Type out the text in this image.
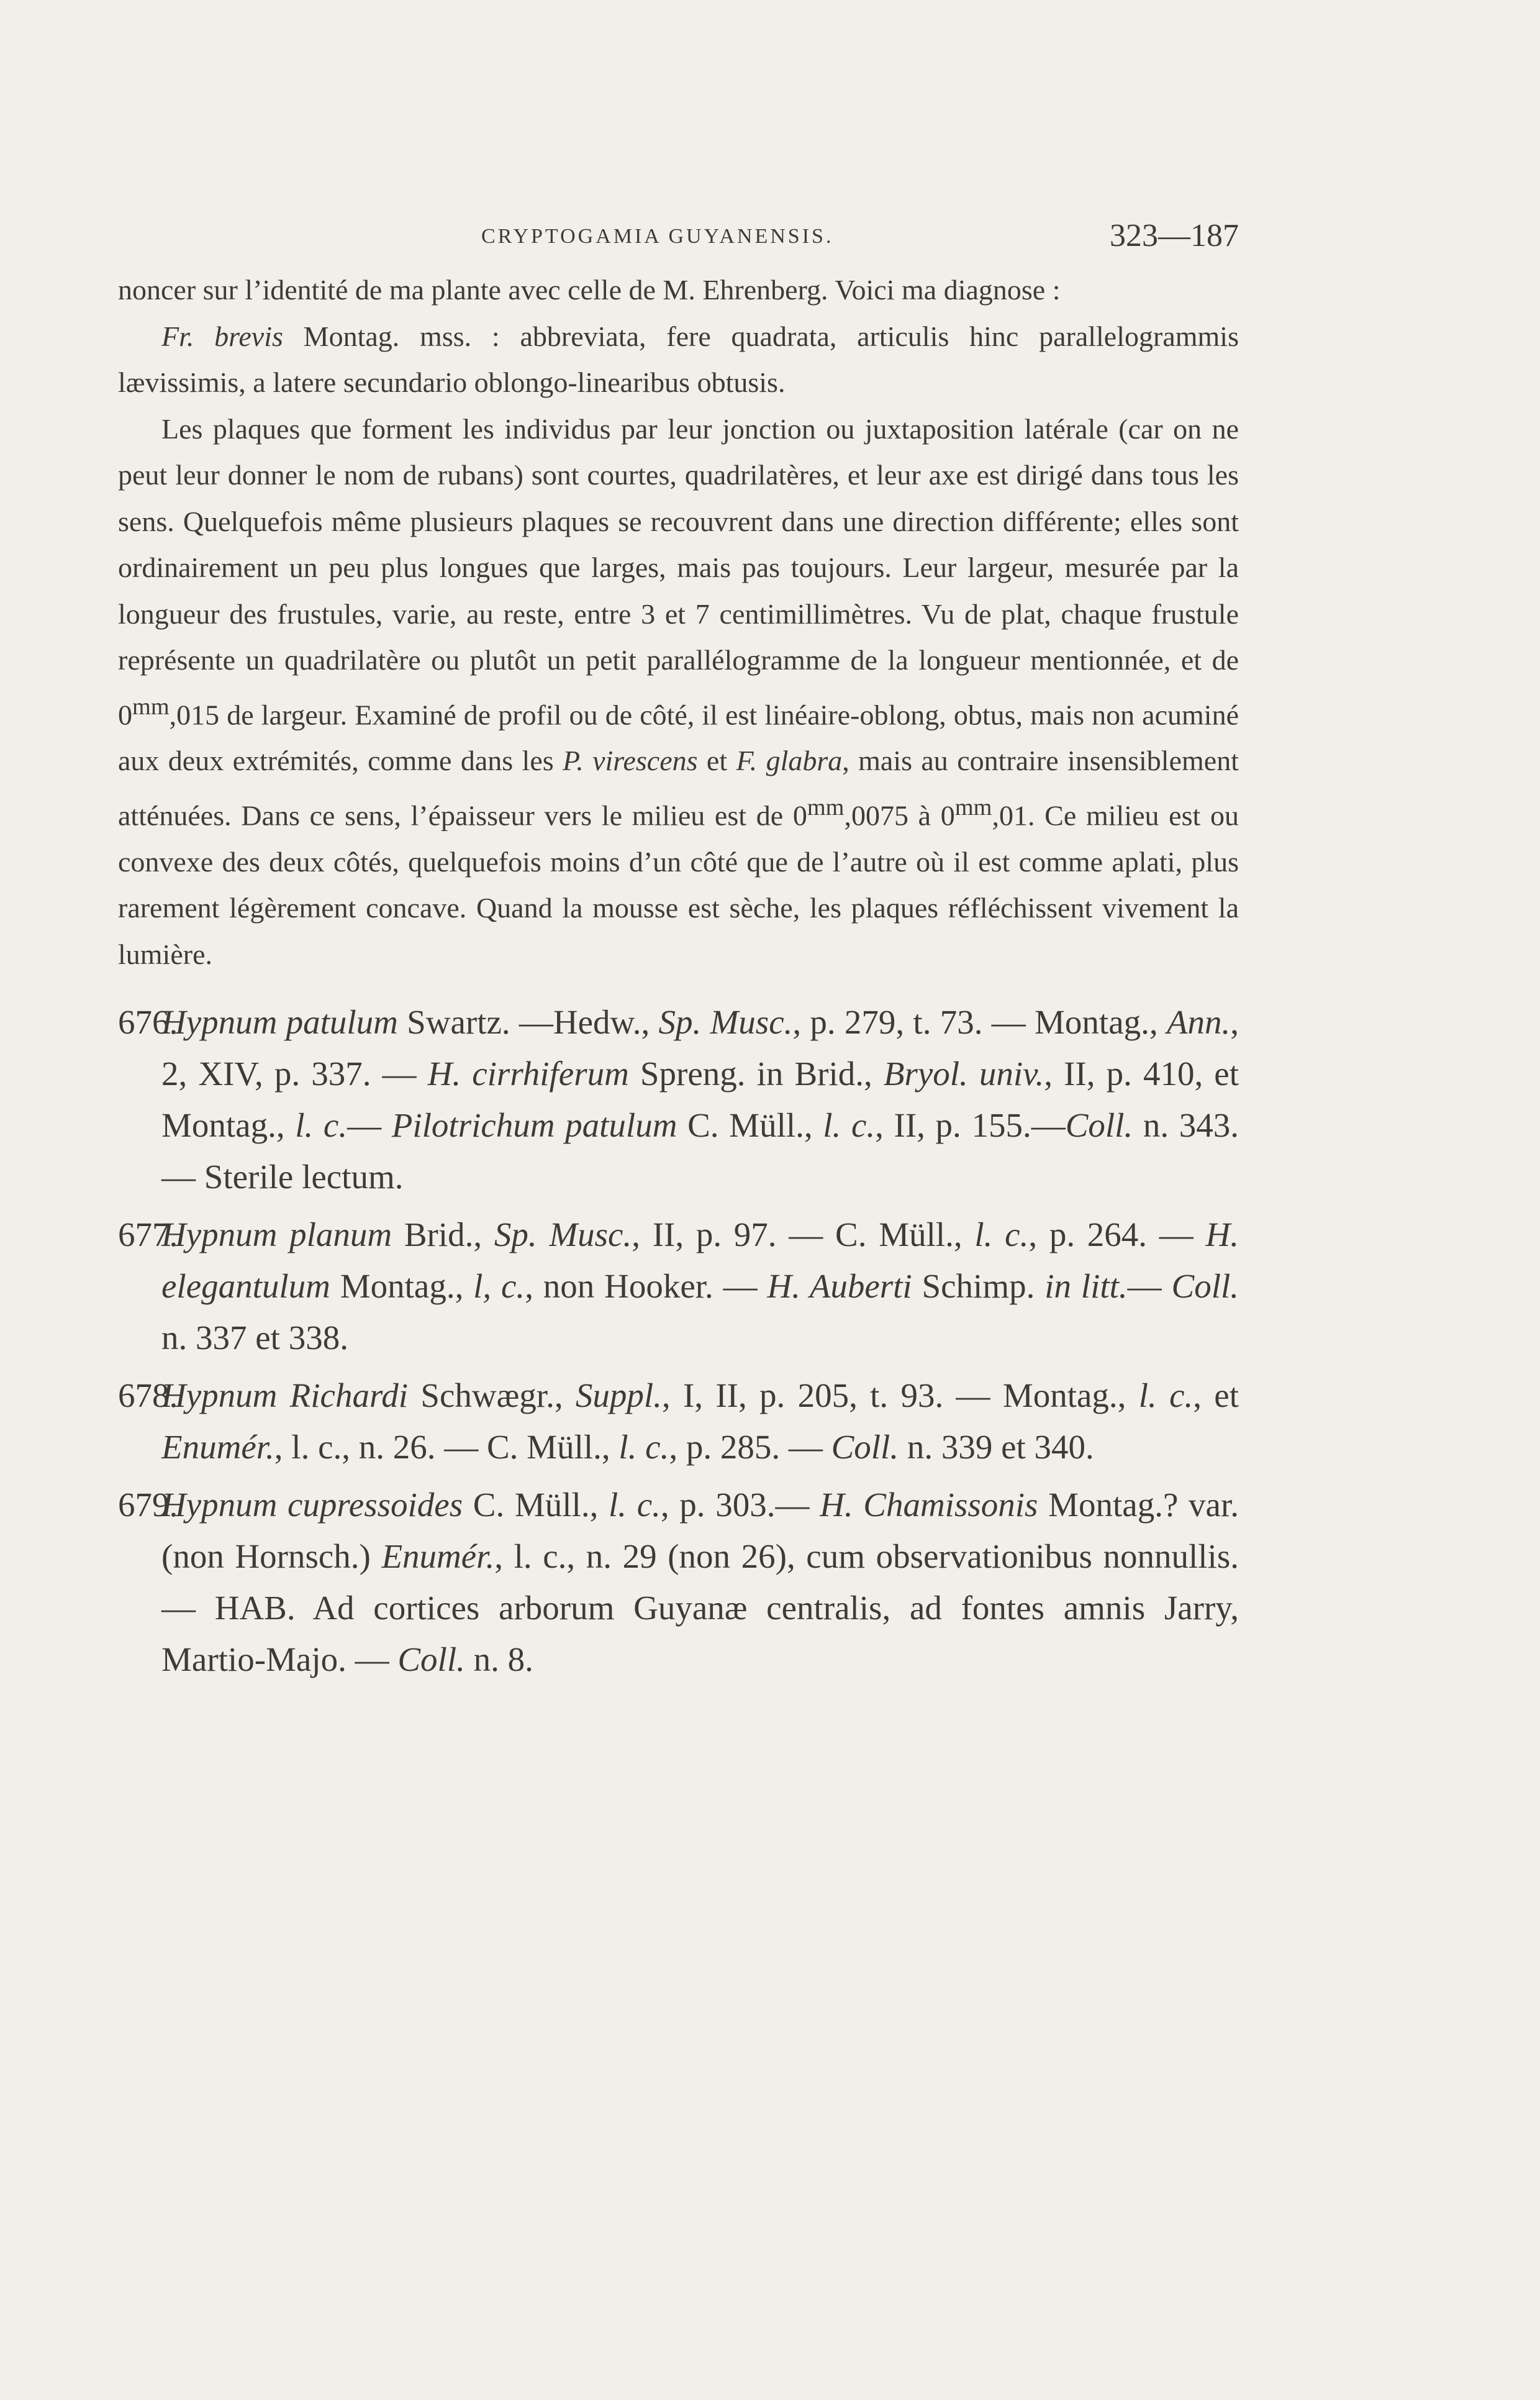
CRYPTOGAMIA GUYANENSIS.	323—187

noncer sur l’identité de ma plante avec celle de M. Ehrenberg. Voici ma diagnose :

Fr. brevis Montag. mss. : abbreviata, fere quadrata, articulis hinc parallelogrammis lævissimis, a latere secundario oblongo-linearibus obtusis.

Les plaques que forment les individus par leur jonction ou juxtaposition latérale (car on ne peut leur donner le nom de rubans) sont courtes, quadrilatères, et leur axe est dirigé dans tous les sens. Quelquefois même plusieurs plaques se recouvrent dans une direction différente; elles sont ordinairement un peu plus longues que larges, mais pas toujours. Leur largeur, mesurée par la longueur des frustules, varie, au reste, entre 3 et 7 centimillimètres. Vu de plat, chaque frustule représente un quadrilatère ou plutôt un petit parallélogramme de la longueur mentionnée, et de $0^{mm},015$ de largeur. Examiné de profil ou de côté, il est linéaire-oblong, obtus, mais non acuminé aux deux extrémités, comme dans les P. virescens et F. glabra, mais au contraire insensiblement atténuées. Dans ce sens, l’épaisseur vers le milieu est de $0^{mm},0075$ à $0^{mm},01$. Ce milieu est ou convexe des deux côtés, quelquefois moins d’un côté que de l’autre où il est comme aplati, plus rarement légèrement concave. Quand la mousse est sèche, les plaques réfléchissent vivement la lumière.

676.Hypnum patulum Swartz. —Hedw., Sp. Musc., p. 279, t. 73. — Montag., Ann., 2, XIV, p. 337. — H. cirrhiferum Spreng. in Brid., Bryol. univ., II, p. 410, et Montag., l. c.— Pilotrichum patulum C. Müll., l. c., II, p. 155.—Coll. n. 343. — Sterile lectum.

677.Hypnum planum Brid., Sp. Musc., II, p. 97. — C. Müll., l. c., p. 264. — H. elegantulum Montag., l, c., non Hooker. — H. Auberti Schimp. in litt.— Coll. n. 337 et 338.

678.Hypnum Richardi Schwægr., Suppl., I, II, p. 205, t. 93. — Montag., l. c., et Enumér., l. c., n. 26. — C. Müll., l. c., p. 285. — Coll. n. 339 et 340.

679.Hypnum cupressoides C. Müll., l. c., p. 303.— H. Chamissonis Montag.? var. (non Hornsch.) Enumér., l. c., n. 29 (non 26), cum observationibus nonnullis. — HAB. Ad cortices arborum Guyanæ centralis, ad fontes amnis Jarry, Martio-Majo. — Coll. n. 8.
